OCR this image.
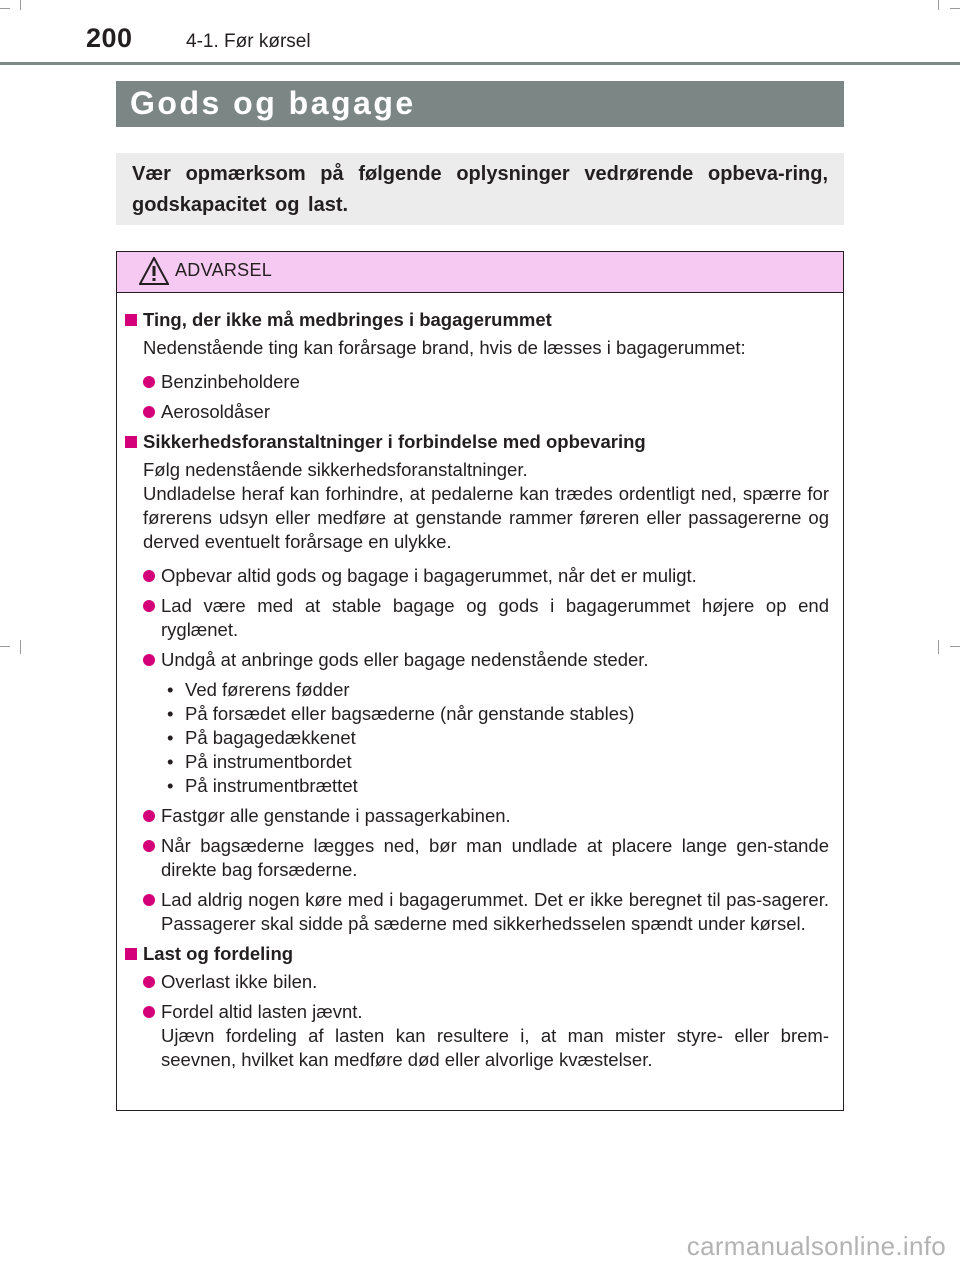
200	4-1. Før kørsel
Gods og bagage
Vær opmærksom på følgende oplysninger vedrørende opbeva-ring, godskapacitet og last.
ADVARSEL
Ting, der ikke må medbringes i bagagerummet
Nedenstående ting kan forårsage brand, hvis de læsses i bagagerummet:
Benzinbeholdere
Aerosoldåser
Sikkerhedsforanstaltninger i forbindelse med opbevaring
Følg nedenstående sikkerhedsforanstaltninger.
Undladelse heraf kan forhindre, at pedalerne kan trædes ordentligt ned, spærre for førerens udsyn eller medføre at genstande rammer føreren eller passagererne og derved eventuelt forårsage en ulykke.
Opbevar altid gods og bagage i bagagerummet, når det er muligt.
Lad være med at stable bagage og gods i bagagerummet højere op end ryglænet.
Undgå at anbringe gods eller bagage nedenstående steder.
• Ved førerens fødder
• På forsædet eller bagsæderne (når genstande stables)
• På bagagedækkenet
• På instrumentbordet
• På instrumentbrættet
Fastgør alle genstande i passagerkabinen.
Når bagsæderne lægges ned, bør man undlade at placere lange gen-stande direkte bag forsæderne.
Lad aldrig nogen køre med i bagagerummet. Det er ikke beregnet til pas-sagerer. Passagerer skal sidde på sæderne med sikkerhedsselen spændt under kørsel.
Last og fordeling
Overlast ikke bilen.
Fordel altid lasten jævnt.
Ujævn fordeling af lasten kan resultere i, at man mister styre- eller brem-seevnen, hvilket kan medføre død eller alvorlige kvæstelser.
carmanualsonline.info
